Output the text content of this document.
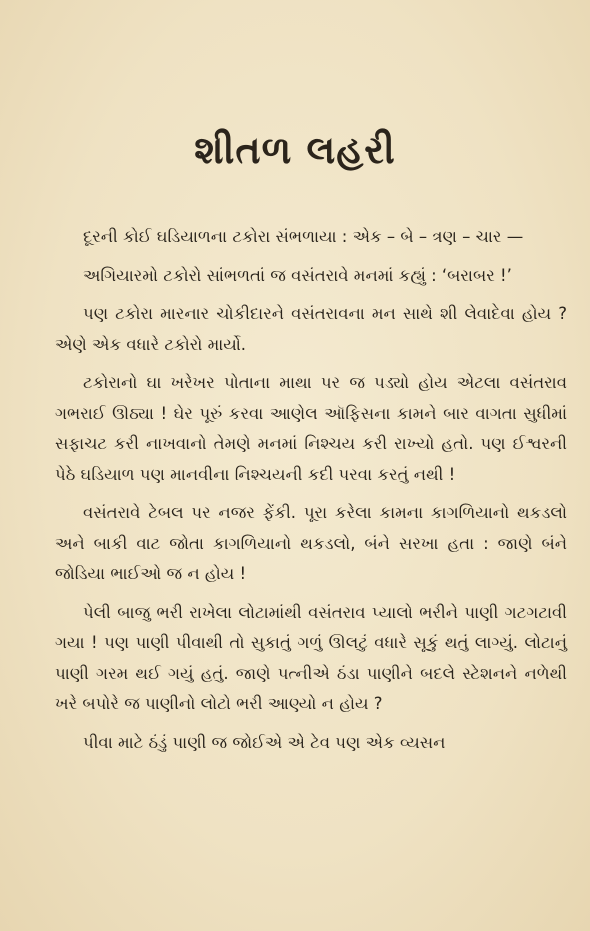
શીતળ લહરી

દૂરની કોઈ ઘડિયાળના ટકોરા સંભળાયા : એક – બે – ત્રણ – ચાર —

અગિયારમો ટકોરો સાંભળતાં જ વસંતરાવે મનમાં કહ્યું : ‘બરાબર !’

પણ ટકોરા મારનાર ચોકીદારને વસંતરાવના મન સાથે શી લેવાદેવા હોય ? એણે એક વધારે ટકોરો માર્યો.

ટકોરાનો ઘા ખરેખર પોતાના માથા પર જ પડ્યો હોય એટલા વસંતરાવ ગભરાઈ ઊઠ્યા ! ઘેર પૂરું કરવા આણેલ ઑફિસના કામને બાર વાગતા સુધીમાં સફાચટ કરી નાખવાનો તેમણે મનમાં નિશ્ચય કરી રાખ્યો હતો. પણ ઈશ્વરની પેઠે ઘડિયાળ પણ માનવીના નિશ્ચયની કદી પરવા કરતું નથી !

વસંતરાવે ટેબલ પર નજર ફેંકી. પૂરા કરેલા કામના કાગળિયાનો થકડલો અને બાકી વાટ જોતા કાગળિયાનો થકડલો, બંને સરખા હતા : જાણે બંને જોડિયા ભાઈઓ જ ન હોય !

પેલી બાજુ ભરી રાખેલા લોટામાંથી વસંતરાવ પ્યાલો ભરીને પાણી ગટગટાવી ગયા ! પણ પાણી પીવાથી તો સુકાતું ગળું ઊલટું વધારે સૂકું થતું લાગ્યું. લોટાનું પાણી ગરમ થઈ ગયું હતું. જાણે પત્નીએ ઠંડા પાણીને બદલે સ્ટેશનને નળેથી ખરે બપોરે જ પાણીનો લોટો ભરી આણ્યો ન હોય ?

પીવા માટે ઠંડું પાણી જ જોઈએ એ ટેવ પણ એક વ્યસન
